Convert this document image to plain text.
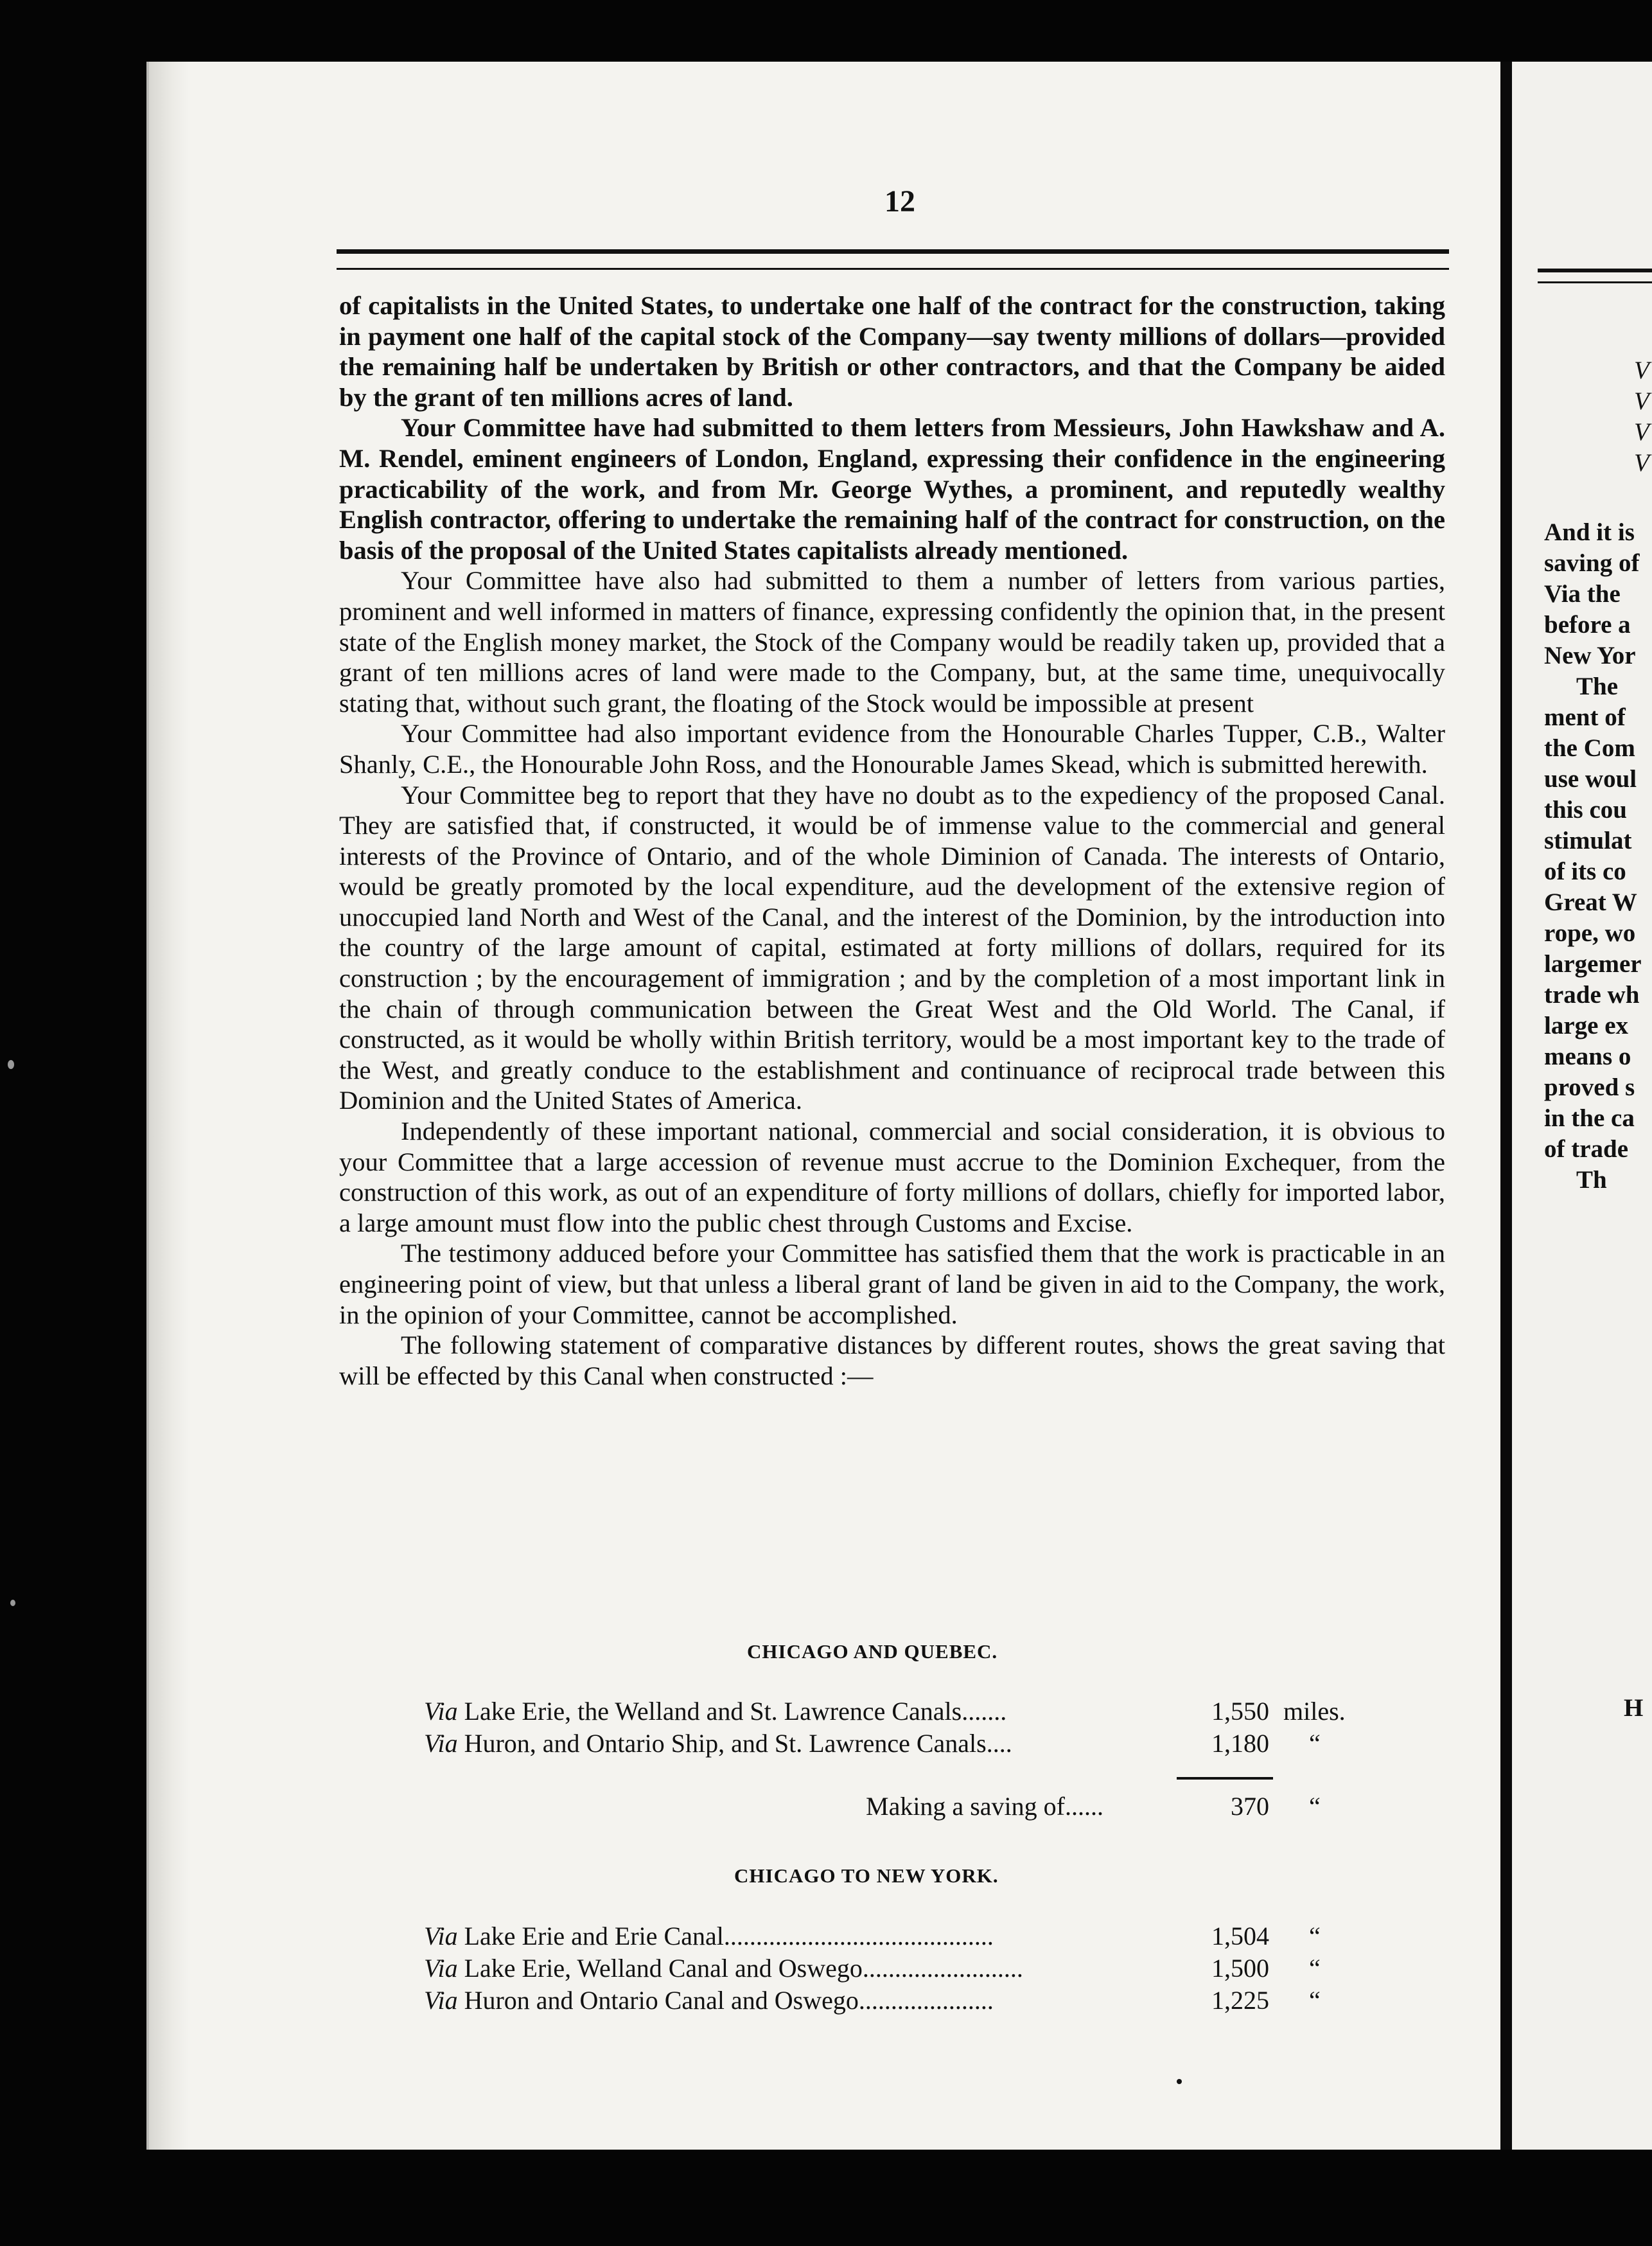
V
V
V
V
And it is
saving of
Via the
before a
New Yor
The
ment of
the Com
use woul
this cou
stimulat
of its co
Great W
rope, wo
largemer
trade wh
large ex
means o
proved s
in the ca
of trade
Th
H
12

of capitalists in the United States, to undertake one half of the contract for the construction, taking in payment one half of the capital stock of the Company—say twenty millions of dollars—provided the remaining half be undertaken by British or other contractors, and that the Company be aided by the grant of ten millions acres of land.

Your Committee have had submitted to them letters from Messieurs, John Hawkshaw and A. M. Rendel, eminent engineers of London, England, expressing their confidence in the engineering practicability of the work, and from Mr. George Wythes, a prominent, and reputedly wealthy English contractor, offering to undertake the remaining half of the contract for construction, on the basis of the proposal of the United States capitalists already mentioned.

Your Committee have also had submitted to them a number of letters from various parties, prominent and well informed in matters of finance, expressing confidently the opinion that, in the present state of the English money market, the Stock of the Company would be readily taken up, provided that a grant of ten millions acres of land were made to the Company, but, at the same time, unequivocally stating that, without such grant, the floating of the Stock would be impossible at present

Your Committee had also important evidence from the Honourable Charles Tupper, C.B., Walter Shanly, C.E., the Honourable John Ross, and the Honourable James Skead, which is submitted herewith.

Your Committee beg to report that they have no doubt as to the expediency of the proposed Canal. They are satisfied that, if constructed, it would be of immense value to the commercial and general interests of the Province of Ontario, and of the whole Diminion of Canada. The interests of Ontario, would be greatly promoted by the local expenditure, aud the development of the extensive region of unoccupied land North and West of the Canal, and the interest of the Dominion, by the introduction into the country of the large amount of capital, estimated at forty millions of dollars, required for its construction ; by the encouragement of immigration ; and by the completion of a most important link in the chain of through communication between the Great West and the Old World. The Canal, if constructed, as it would be wholly within British territory, would be a most important key to the trade of the West, and greatly conduce to the establishment and continuance of reciprocal trade between this Dominion and the United States of America.

Independently of these important national, commercial and social consideration, it is obvious to your Committee that a large accession of revenue must accrue to the Dominion Exchequer, from the construction of this work, as out of an expenditure of forty millions of dollars, chiefly for imported labor, a large amount must flow into the public chest through Customs and Excise.

The testimony adduced before your Committee has satisfied them that the work is practicable in an engineering point of view, but that unless a liberal grant of land be given in aid to the Company, the work, in the opinion of your Committee, cannot be accomplished.

The following statement of comparative distances by different routes, shows the great saving that will be effected by this Canal when constructed :—

CHICAGO AND QUEBEC.
Via Lake Erie, the Welland and St. Lawrence Canals.......	1,550 miles.
Via Huron, and Ontario Ship, and St. Lawrence Canals....	1,180 “
Making a saving of......	370 “
CHICAGO TO NEW YORK.
Via Lake Erie and Erie Canal..........................................	1,504 “
Via Lake Erie, Welland Canal and Oswego.........................	1,500 “
Via Huron and Ontario Canal and Oswego.....................	1,225 “
